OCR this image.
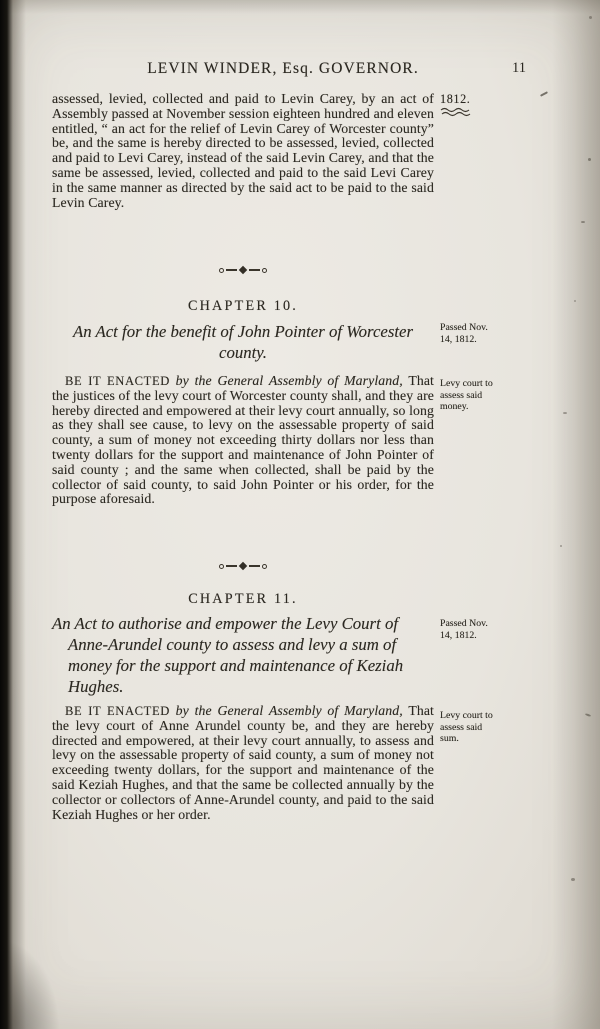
LEVIN WINDER, Esq. GOVERNOR.	11

assessed, levied, collected and paid to Levin Carey, by an act of Assembly passed at November session eighteen hundred and eleven entitled, “ an act for the relief of Levin Carey of Worcester county” be, and the same is hereby directed to be assessed, levied, collected and paid to Levi Carey, instead of the said Levin Carey, and that the same be assessed, levied, collected and paid to the said Levi Carey in the same manner as directed by the said act to be paid to the said Levin Carey.

CHAPTER 10.
An Act for the benefit of John Pointer of Worcester county.

BE IT ENACTED by the General Assembly of Maryland, That the justices of the levy court of Worcester county shall, and they are hereby directed and empowered at their levy court annually, so long as they shall see cause, to levy on the assessable property of said county, a sum of money not exceeding thirty dollars nor less than twenty dollars for the support and maintenance of John Pointer of said county ; and the same when collected, shall be paid by the collector of said county, to said John Pointer or his order, for the purpose aforesaid.

CHAPTER 11.
An Act to authorise and empower the Levy Court of Anne-Arundel county to assess and levy a sum of money for the support and maintenance of Keziah Hughes.

BE IT ENACTED by the General Assembly of Maryland, That the levy court of Anne Arundel county be, and they are hereby directed and empowered, at their levy court annually, to assess and levy on the assessable property of said county, a sum of money not exceeding twenty dollars, for the support and maintenance of the said Keziah Hughes, and that the same be collected annually by the collector or collectors of Anne-Arundel county, and paid to the said Keziah Hughes or her order.

1812.
Passed Nov. 14, 1812.
Levy court to assess said money.
Passed Nov. 14, 1812.
Levy court to assess said sum.
